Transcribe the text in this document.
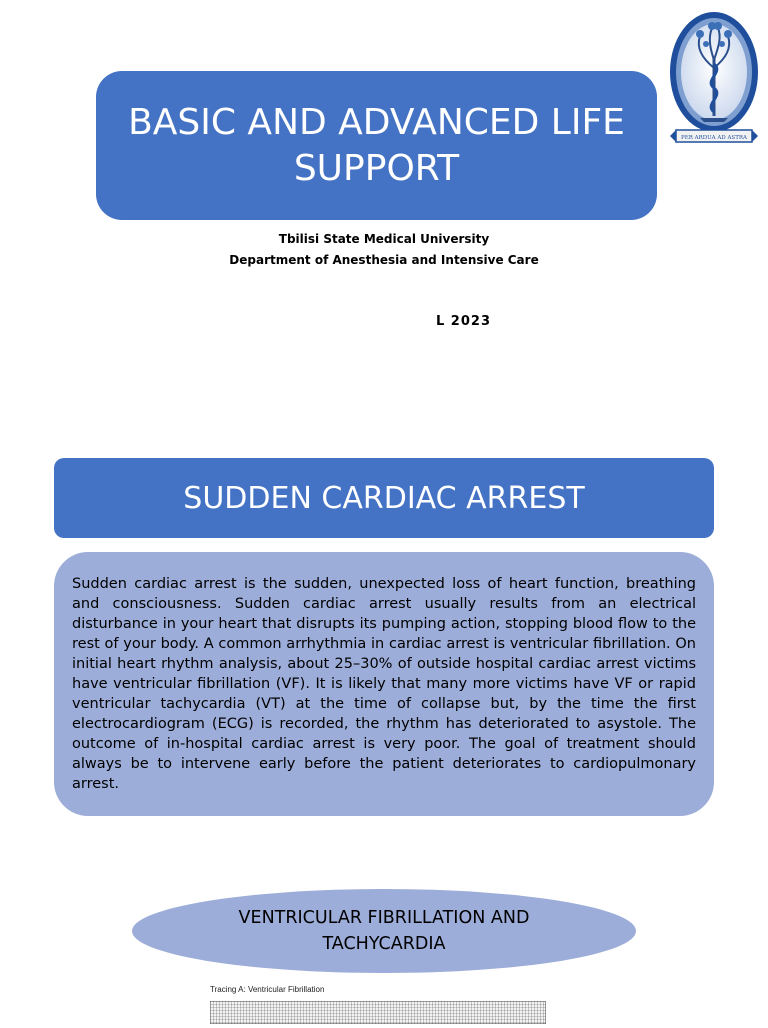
BASIC AND ADVANCED LIFE
SUPPORT
PER ARDUA AD ASTRA
Tbilisi State Medical University
Department of Anesthesia and Intensive Care
L 2023
SUDDEN CARDIAC ARREST

Sudden cardiac arrest is the sudden, unexpected loss of heart function, breathing and consciousness. Sudden cardiac arrest usually results from an electrical disturbance in your heart that disrupts its pumping action, stopping blood flow to the rest of your body. A common arrhythmia in cardiac arrest is ventricular fibrillation. On initial heart rhythm analysis, about 25–30% of outside hospital cardiac arrest victims have ventricular fibrillation (VF). It is likely that many more victims have VF or rapid ventricular tachycardia (VT) at the time of collapse but, by the time the first electrocardiogram (ECG) is recorded, the rhythm has deteriorated to asystole. The outcome of in-hospital cardiac arrest is very poor. The goal of treatment should always be to intervene early before the patient deteriorates to cardiopulmonary arrest.

VENTRICULAR FIBRILLATION AND
TACHYCARDIA
Tracing A: Ventricular Fibrillation
